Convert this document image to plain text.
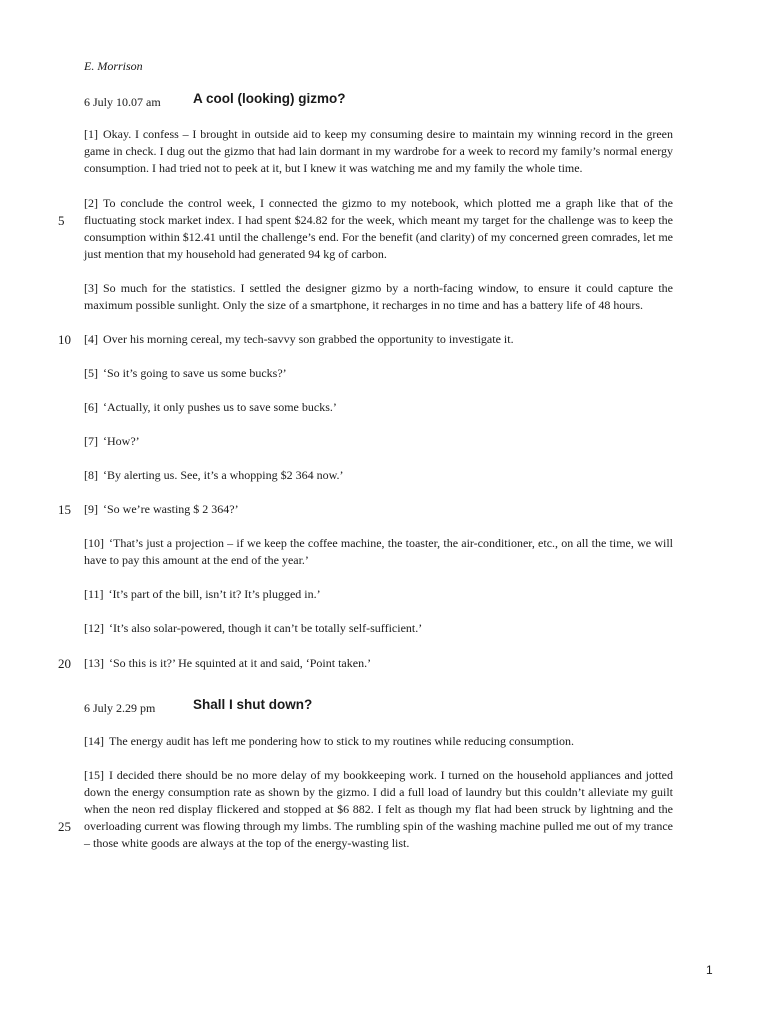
E. Morrison
6 July 10.07 am A cool (looking) gizmo?

[1] Okay. I confess – I brought in outside aid to keep my consuming desire to maintain my winning record in the green game in check. I dug out the gizmo that had lain dormant in my wardrobe for a week to record my family’s normal energy consumption. I had tried not to peek at it, but I knew it was watching me and my family the whole time.

[2] To conclude the control week, I connected the gizmo to my notebook, which plotted me a graph like that of the fluctuating stock market index. I had spent $24.82 for the week, which meant my target for the challenge was to keep the consumption within $12.41 until the challenge’s end. For the benefit (and clarity) of my concerned green comrades, let me just mention that my household had generated 94 kg of carbon.

[3] So much for the statistics. I settled the designer gizmo by a north-facing window, to ensure it could capture the maximum possible sunlight. Only the size of a smartphone, it recharges in no time and has a battery life of 48 hours.

[4] Over his morning cereal, my tech-savvy son grabbed the opportunity to investigate it.

[5] ‘So it’s going to save us some bucks?’

[6] ‘Actually, it only pushes us to save some bucks.’

[7] ‘How?’

[8] ‘By alerting us. See, it’s a whopping $2 364 now.’

[9] ‘So we’re wasting $ 2 364?’

[10] ‘That’s just a projection – if we keep the coffee machine, the toaster, the air-conditioner, etc., on all the time, we will have to pay this amount at the end of the year.’

[11] ‘It’s part of the bill, isn’t it? It’s plugged in.’

[12] ‘It’s also solar-powered, though it can’t be totally self-sufficient.’

[13] ‘So this is it?’ He squinted at it and said, ‘Point taken.’

6 July 2.29 pm	Shall I shut down?

[14] The energy audit has left me pondering how to stick to my routines while reducing consumption.

[15] I decided there should be no more delay of my bookkeeping work. I turned on the household appliances and jotted down the energy consumption rate as shown by the gizmo. I did a full load of laundry but this couldn’t alleviate my guilt when the neon red display flickered and stopped at $6 882. I felt as though my flat had been struck by lightning and the overloading current was flowing through my limbs. The rumbling spin of the washing machine pulled me out of my trance – those white goods are always at the top of the energy-wasting list.

5
10
15
20
25
1
